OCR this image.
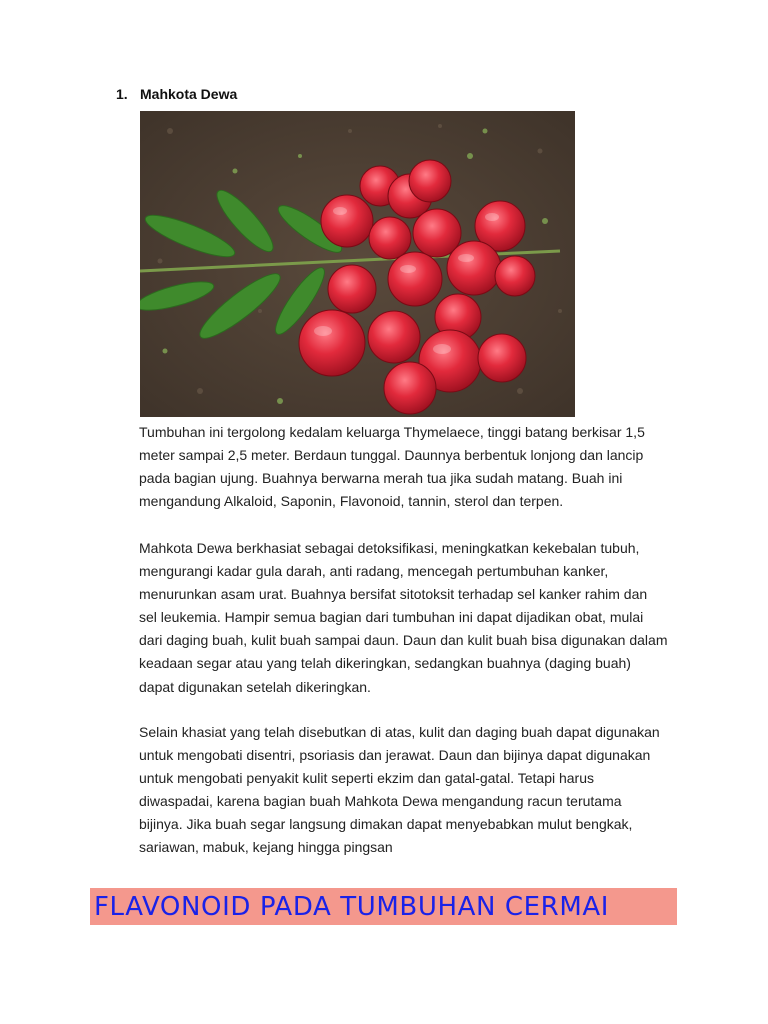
1. Mahkota Dewa
Tumbuhan ini tergolong kedalam keluarga Thymelaece, tinggi batang berkisar 1,5
meter sampai 2,5 meter. Berdaun tunggal. Daunnya berbentuk lonjong dan lancip
pada bagian ujung. Buahnya berwarna merah tua jika sudah matang. Buah ini
mengandung Alkaloid, Saponin, Flavonoid, tannin, sterol dan terpen.
Mahkota Dewa berkhasiat sebagai detoksifikasi, meningkatkan kekebalan tubuh,
mengurangi kadar gula darah, anti radang, mencegah pertumbuhan kanker,
menurunkan asam urat. Buahnya bersifat sitotoksit terhadap sel kanker rahim dan
sel leukemia. Hampir semua bagian dari tumbuhan ini dapat dijadikan obat, mulai
dari daging buah, kulit buah sampai daun. Daun dan kulit buah bisa digunakan dalam
keadaan segar atau yang telah dikeringkan, sedangkan buahnya (daging buah)
dapat digunakan setelah dikeringkan.
Selain khasiat yang telah disebutkan di atas, kulit dan daging buah dapat digunakan
untuk mengobati disentri, psoriasis dan jerawat. Daun dan bijinya dapat digunakan
untuk mengobati penyakit kulit seperti ekzim dan gatal-gatal. Tetapi harus
diwaspadai, karena bagian buah Mahkota Dewa mengandung racun terutama
bijinya. Jika buah segar langsung dimakan dapat menyebabkan mulut bengkak,
sariawan, mabuk, kejang hingga pingsan
FLAVONOID PADA TUMBUHAN CERMAI
